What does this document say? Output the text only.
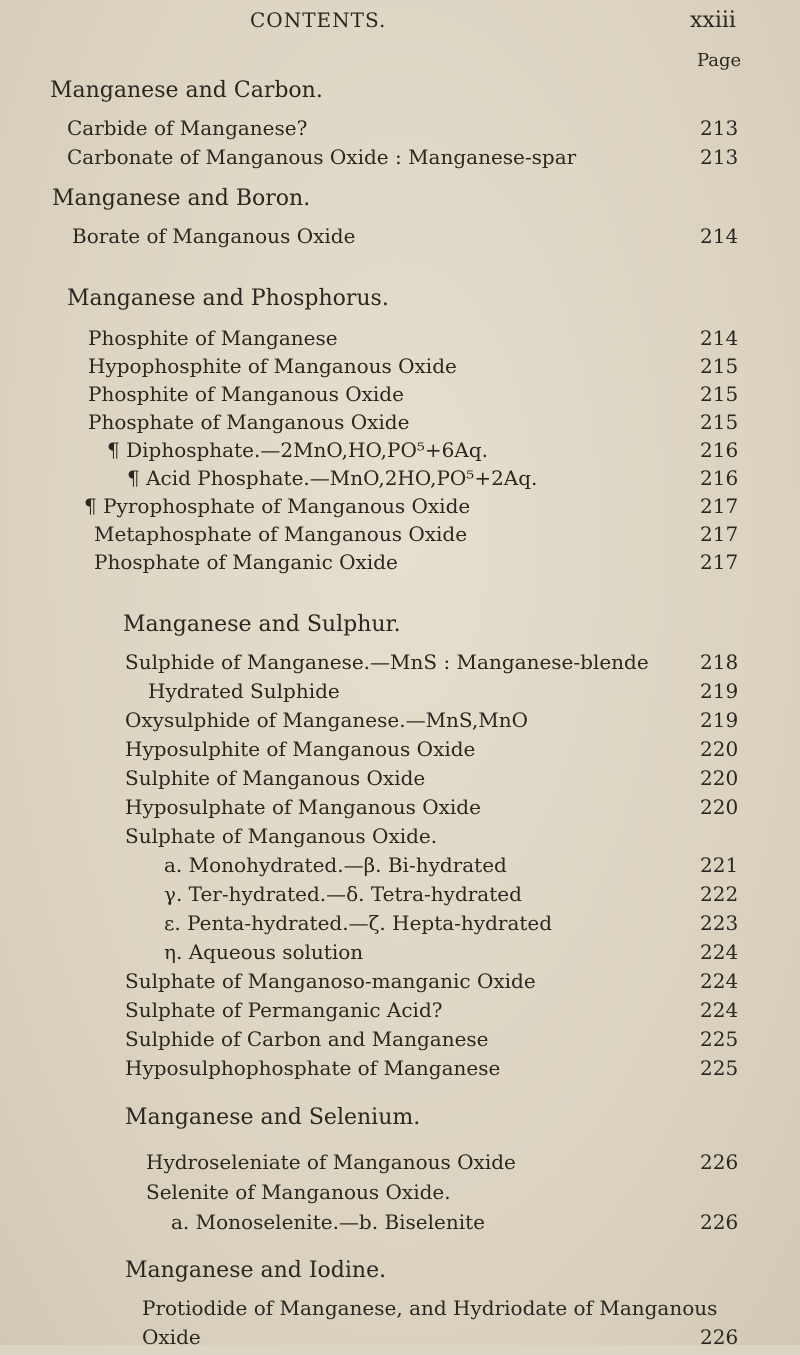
CONTENTS.	xxiii
Page
Manganese and Carbon.
Carbide of Manganese?	213
Carbonate of Manganous Oxide : Manganese-spar	213
Manganese and Boron.
Borate of Manganous Oxide	214
Manganese and Phosphorus.
Phosphite of Manganese	214
Hypophosphite of Manganous Oxide	215
Phosphite of Manganous Oxide	215
Phosphate of Manganous Oxide	215
¶ Diphosphate.—2MnO,HO,PO⁵+6Aq.	216
¶ Acid Phosphate.—MnO,2HO,PO⁵+2Aq.	216
¶ Pyrophosphate of Manganous Oxide	217
Metaphosphate of Manganous Oxide	217
Phosphate of Manganic Oxide	217
Manganese and Sulphur.
Sulphide of Manganese.—MnS : Manganese-blende	218
Hydrated Sulphide	219
Oxysulphide of Manganese.—MnS,MnO	219
Hyposulphite of Manganous Oxide	220
Sulphite of Manganous Oxide	220
Hyposulphate of Manganous Oxide	220
Sulphate of Manganous Oxide.
a. Monohydrated.—β. Bi-hydrated	221
γ. Ter-hydrated.—δ. Tetra-hydrated	222
ε. Penta-hydrated.—ζ. Hepta-hydrated	223
η. Aqueous solution	224
Sulphate of Manganoso-manganic Oxide	224
Sulphate of Permanganic Acid?	224
Sulphide of Carbon and Manganese	225
Hyposulphophosphate of Manganese	225
Manganese and Selenium.
Hydroseleniate of Manganous Oxide	226
Selenite of Manganous Oxide.
a. Monoselenite.—b. Biselenite	226
Manganese and Iodine.
Protiodide of Manganese, and Hydriodate of Manganous
Oxide	226
